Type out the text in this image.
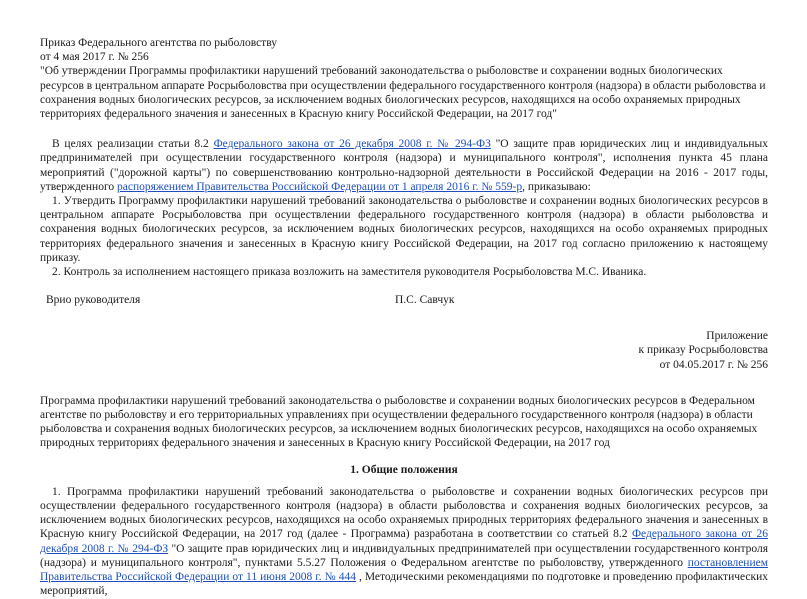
Приказ Федерального агентства по рыболовству

от 4 мая 2017 г. № 256

"Об утверждении Программы профилактики нарушений требований законодательства о рыболовстве и сохранении водных биологических ресурсов в центральном аппарате Росрыболовства при осуществлении федерального государственного контроля (надзора) в области рыболовства и сохранения водных биологических ресурсов, за исключением водных биологических ресурсов, находящихся на особо охраняемых природных территориях федерального значения и занесенных в Красную книгу Российской Федерации, на 2017 год"

В целях реализации статьи 8.2 Федерального закона от 26 декабря 2008 г. № 294-ФЗ "О защите прав юридических лиц и индивидуальных предпринимателей при осуществлении государственного контроля (надзора) и муниципального контроля", исполнения пункта 45 плана мероприятий ("дорожной карты") по совершенствованию контрольно-надзорной деятельности в Российской Федерации на 2016 - 2017 годы, утвержденного распоряжением Правительства Российской Федерации от 1 апреля 2016 г. № 559-р, приказываю:

1. Утвердить Программу профилактики нарушений требований законодательства о рыболовстве и сохранении водных биологических ресурсов в центральном аппарате Росрыболовства при осуществлении федерального государственного контроля (надзора) в области рыболовства и сохранения водных биологических ресурсов, за исключением водных биологических ресурсов, находящихся на особо охраняемых природных территориях федерального значения и занесенных в Красную книгу Российской Федерации, на 2017 год согласно приложению к настоящему приказу.

2. Контроль за исполнением настоящего приказа возложить на заместителя руководителя Росрыболовства М.С. Иваника.

Врио руководителя	П.С. Савчук

Приложение

к приказу Росрыболовства

от 04.05.2017 г. № 256

Программа профилактики нарушений требований законодательства о рыболовстве и сохранении водных биологических ресурсов в Федеральном агентстве по рыболовству и его территориальных управлениях при осуществлении федерального государственного контроля (надзора) в области рыболовства и сохранения водных биологических ресурсов, за исключением водных биологических ресурсов, находящихся на особо охраняемых природных территориях федерального значения и занесенных в Красную книгу Российской Федерации, на 2017 год

1. Общие положения

1. Программа профилактики нарушений требований законодательства о рыболовстве и сохранении водных биологических ресурсов при осуществлении федерального государственного контроля (надзора) в области рыболовства и сохранения водных биологических ресурсов, за исключением водных биологических ресурсов, находящихся на особо охраняемых природных территориях федерального значения и занесенных в Красную книгу Российской Федерации, на 2017 год (далее - Программа) разработана в соответствии со статьей 8.2 Федерального закона от 26 декабря 2008 г. № 294-ФЗ "О защите прав юридических лиц и индивидуальных предпринимателей при осуществлении государственного контроля (надзора) и муниципального контроля", пунктами 5.5.27 Положения о Федеральном агентстве по рыболовству, утвержденного постановлением Правительства Российской Федерации от 11 июня 2008 г. № 444 , Методическими рекомендациями по подготовке и проведению профилактических мероприятий,
